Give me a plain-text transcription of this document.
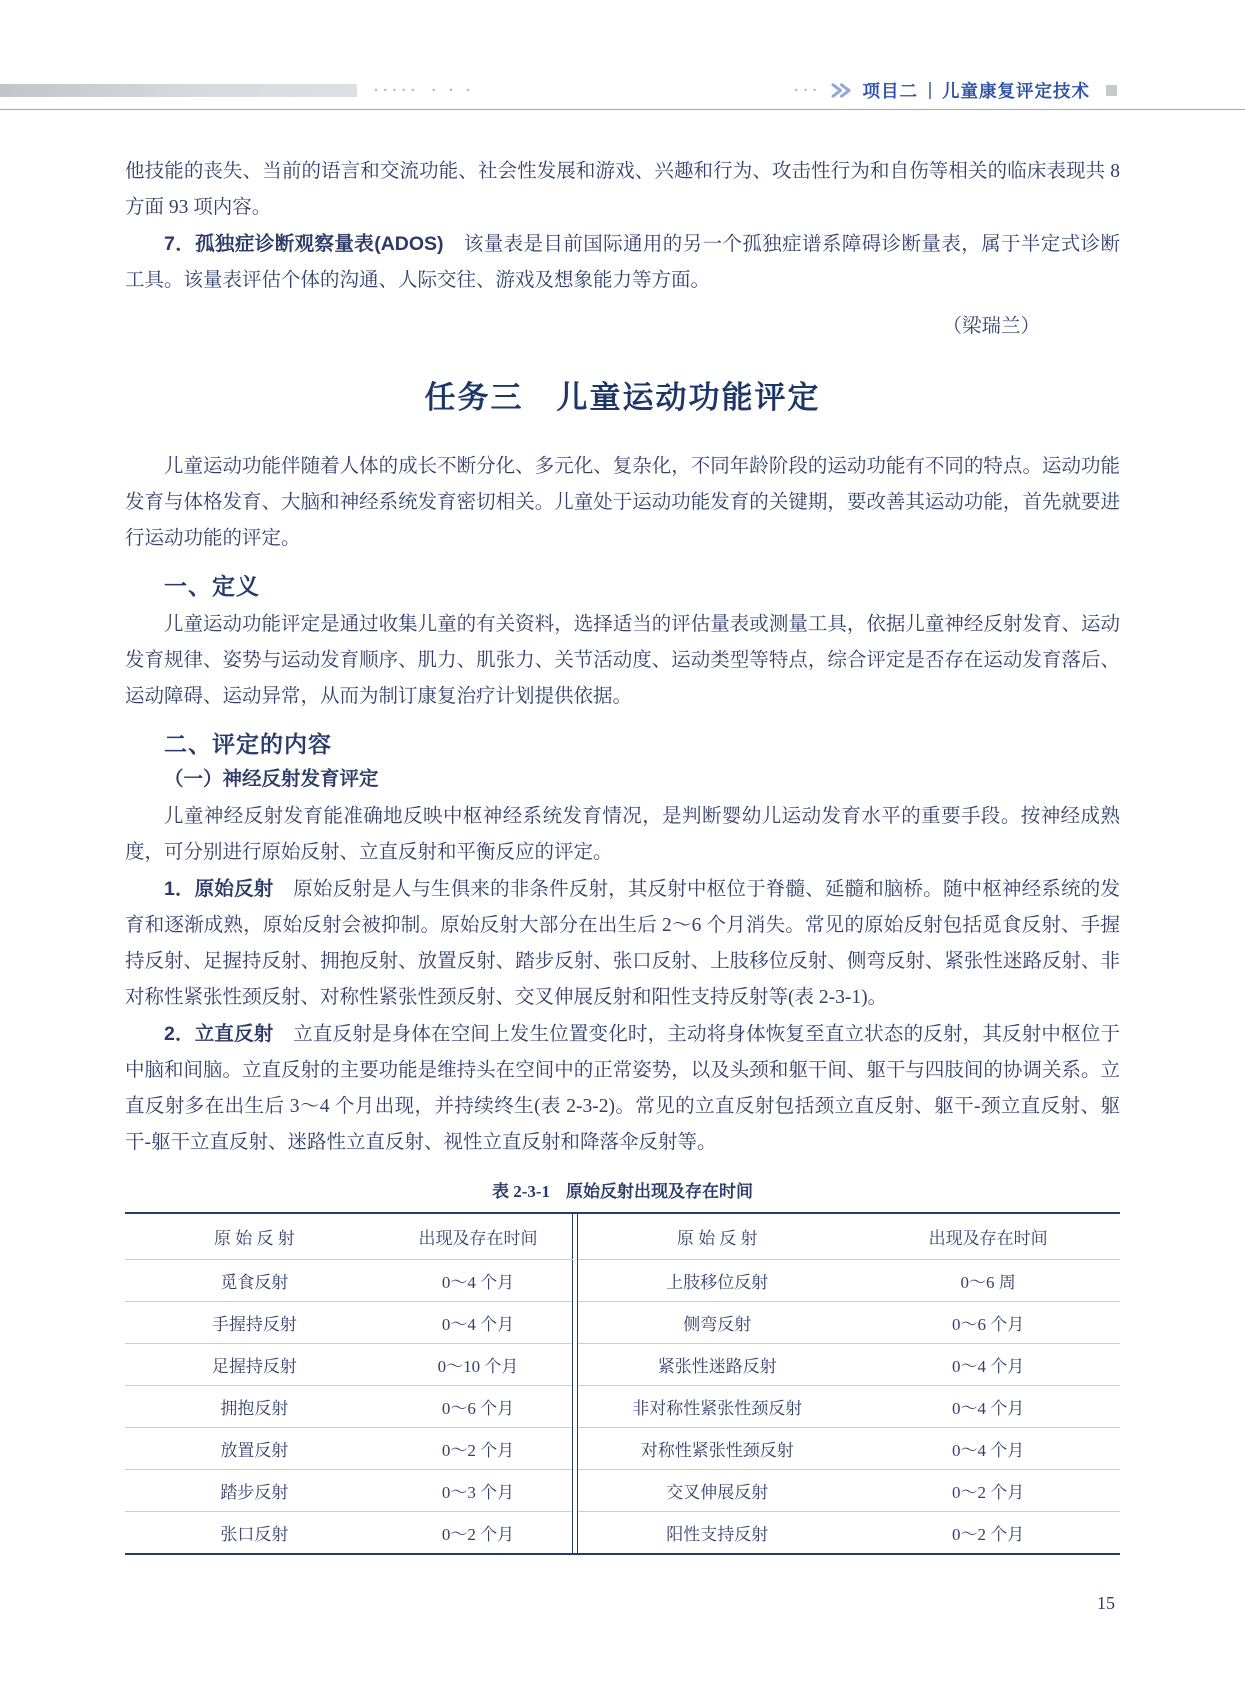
· · · · · · · ·	· · ·	项目二 儿童康复评定技术

他技能的丧失、当前的语言和交流功能、社会性发展和游戏、兴趣和行为、攻击性行为和自伤等相关的临床表现共 8 方面 93 项内容。

7．孤独症诊断观察量表(ADOS)　该量表是目前国际通用的另一个孤独症谱系障碍诊断量表，属于半定式诊断工具。该量表评估个体的沟通、人际交往、游戏及想象能力等方面。

（梁瑞兰）

任务三　儿童运动功能评定

儿童运动功能伴随着人体的成长不断分化、多元化、复杂化，不同年龄阶段的运动功能有不同的特点。运动功能发育与体格发育、大脑和神经系统发育密切相关。儿童处于运动功能发育的关键期，要改善其运动功能，首先就要进行运动功能的评定。

一、定义

儿童运动功能评定是通过收集儿童的有关资料，选择适当的评估量表或测量工具，依据儿童神经反射发育、运动发育规律、姿势与运动发育顺序、肌力、肌张力、关节活动度、运动类型等特点，综合评定是否存在运动发育落后、运动障碍、运动异常，从而为制订康复治疗计划提供依据。

二、评定的内容
（一）神经反射发育评定

儿童神经反射发育能准确地反映中枢神经系统发育情况，是判断婴幼儿运动发育水平的重要手段。按神经成熟度，可分别进行原始反射、立直反射和平衡反应的评定。

1．原始反射　原始反射是人与生俱来的非条件反射，其反射中枢位于脊髓、延髓和脑桥。随中枢神经系统的发育和逐渐成熟，原始反射会被抑制。原始反射大部分在出生后 2～6 个月消失。常见的原始反射包括觅食反射、手握持反射、足握持反射、拥抱反射、放置反射、踏步反射、张口反射、上肢移位反射、侧弯反射、紧张性迷路反射、非对称性紧张性颈反射、对称性紧张性颈反射、交叉伸展反射和阳性支持反射等(表 2-3-1)。

2．立直反射　立直反射是身体在空间上发生位置变化时，主动将身体恢复至直立状态的反射，其反射中枢位于中脑和间脑。立直反射的主要功能是维持头在空间中的正常姿势，以及头颈和躯干间、躯干与四肢间的协调关系。立直反射多在出生后 3～4 个月出现，并持续终生(表 2-3-2)。常见的立直反射包括颈立直反射、躯干-颈立直反射、躯干-躯干立直反射、迷路性立直反射、视性立直反射和降落伞反射等。

表 2-3-1 原始反射出现及存在时间
原 始 反 射	出现及存在时间		原 始 反 射	出现及存在时间
觅食反射	0～4 个月		上肢移位反射	0～6 周
手握持反射	0～4 个月		侧弯反射	0～6 个月
足握持反射	0～10 个月		紧张性迷路反射	0～4 个月
拥抱反射	0～6 个月		非对称性紧张性颈反射	0～4 个月
放置反射	0～2 个月		对称性紧张性颈反射	0～4 个月
踏步反射	0～3 个月		交叉伸展反射	0～2 个月
张口反射	0～2 个月		阳性支持反射	0～2 个月
15
